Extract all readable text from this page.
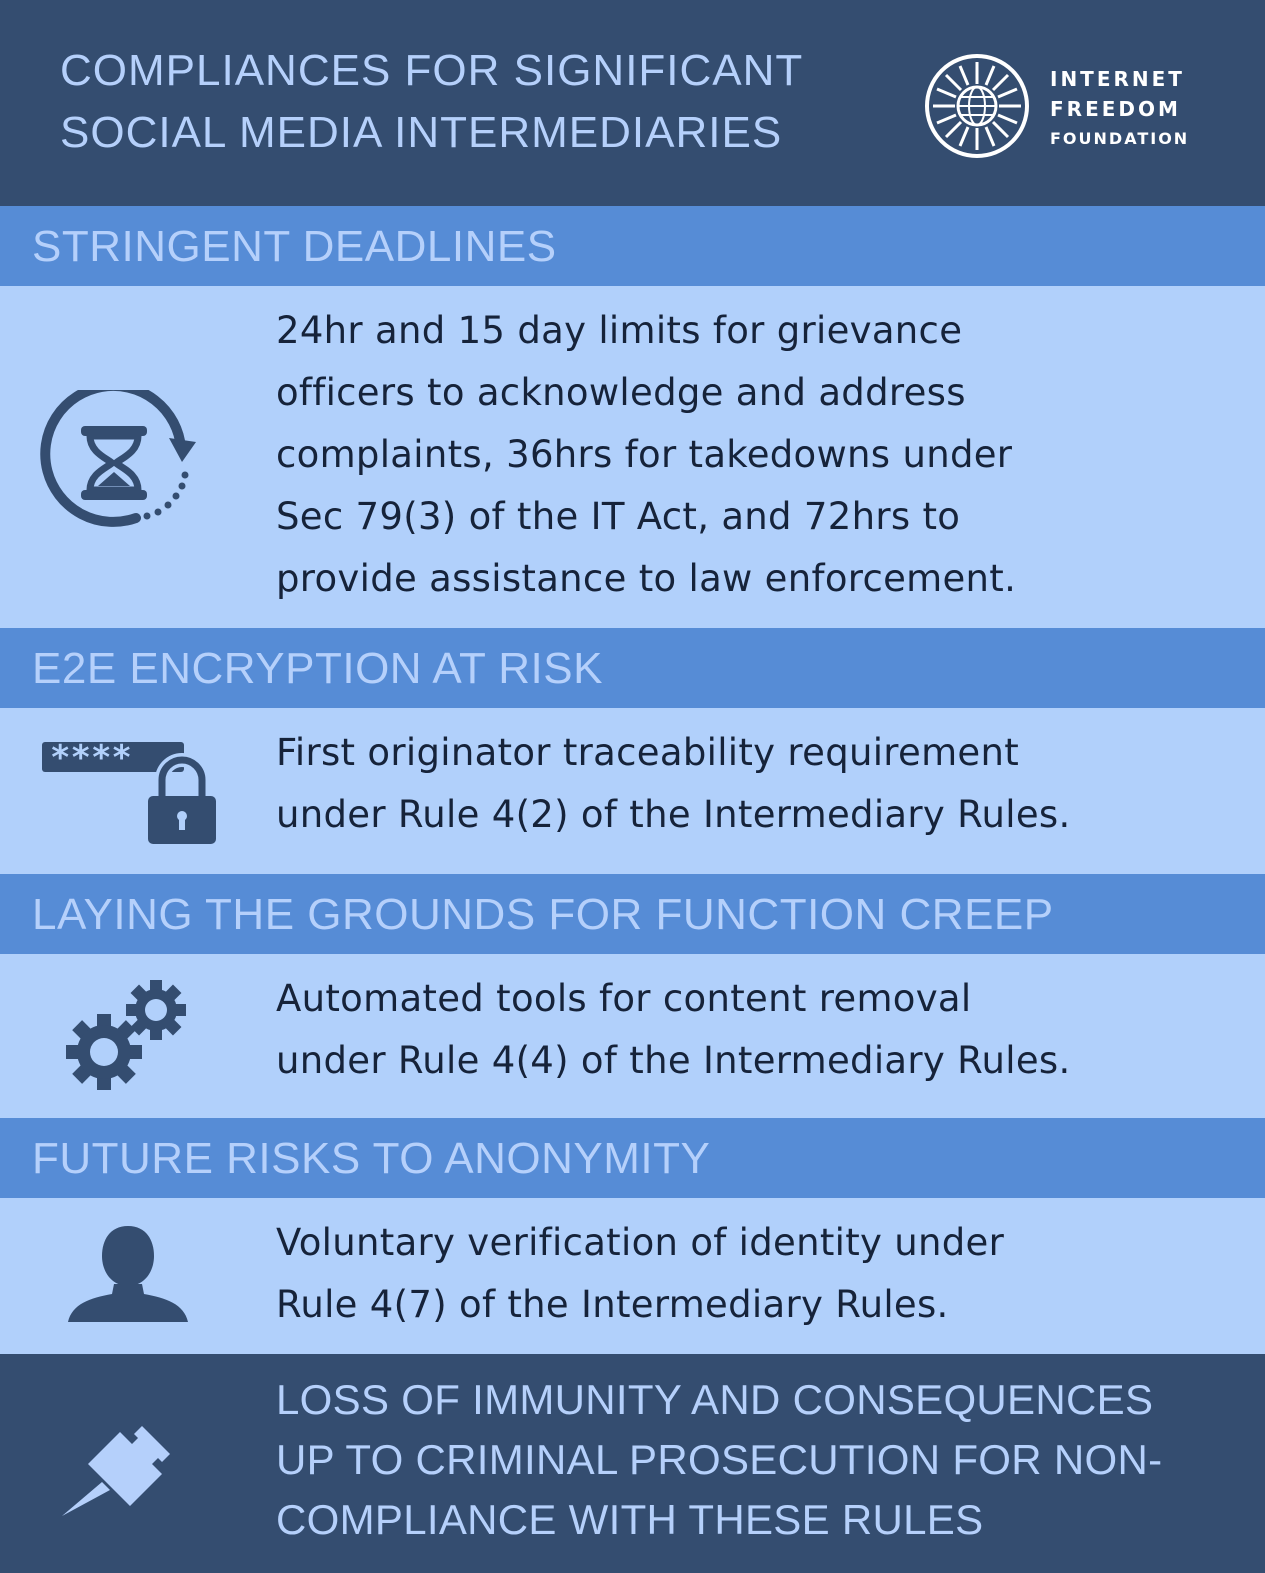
COMPLIANCES FOR SIGNIFICANT
SOCIAL MEDIA INTERMEDIARIES
INTERNET
FREEDOM
FOUNDATION
STRINGENT DEADLINES
24hr and 15 day limits for grievance
officers to acknowledge and address
complaints, 36hrs for takedowns under
Sec 79(3) of the IT Act, and 72hrs to
provide assistance to law enforcement.
E2E ENCRYPTION AT RISK
****	First originator traceability requirement
under Rule 4(2) of the Intermediary Rules.
LAYING THE GROUNDS FOR FUNCTION CREEP
Automated tools for content removal
under Rule 4(4) of the Intermediary Rules.
FUTURE RISKS TO ANONYMITY
Voluntary verification of identity under
Rule 4(7) of the Intermediary Rules.
LOSS OF IMMUNITY AND CONSEQUENCES
UP TO CRIMINAL PROSECUTION FOR NON-
COMPLIANCE WITH THESE RULES
